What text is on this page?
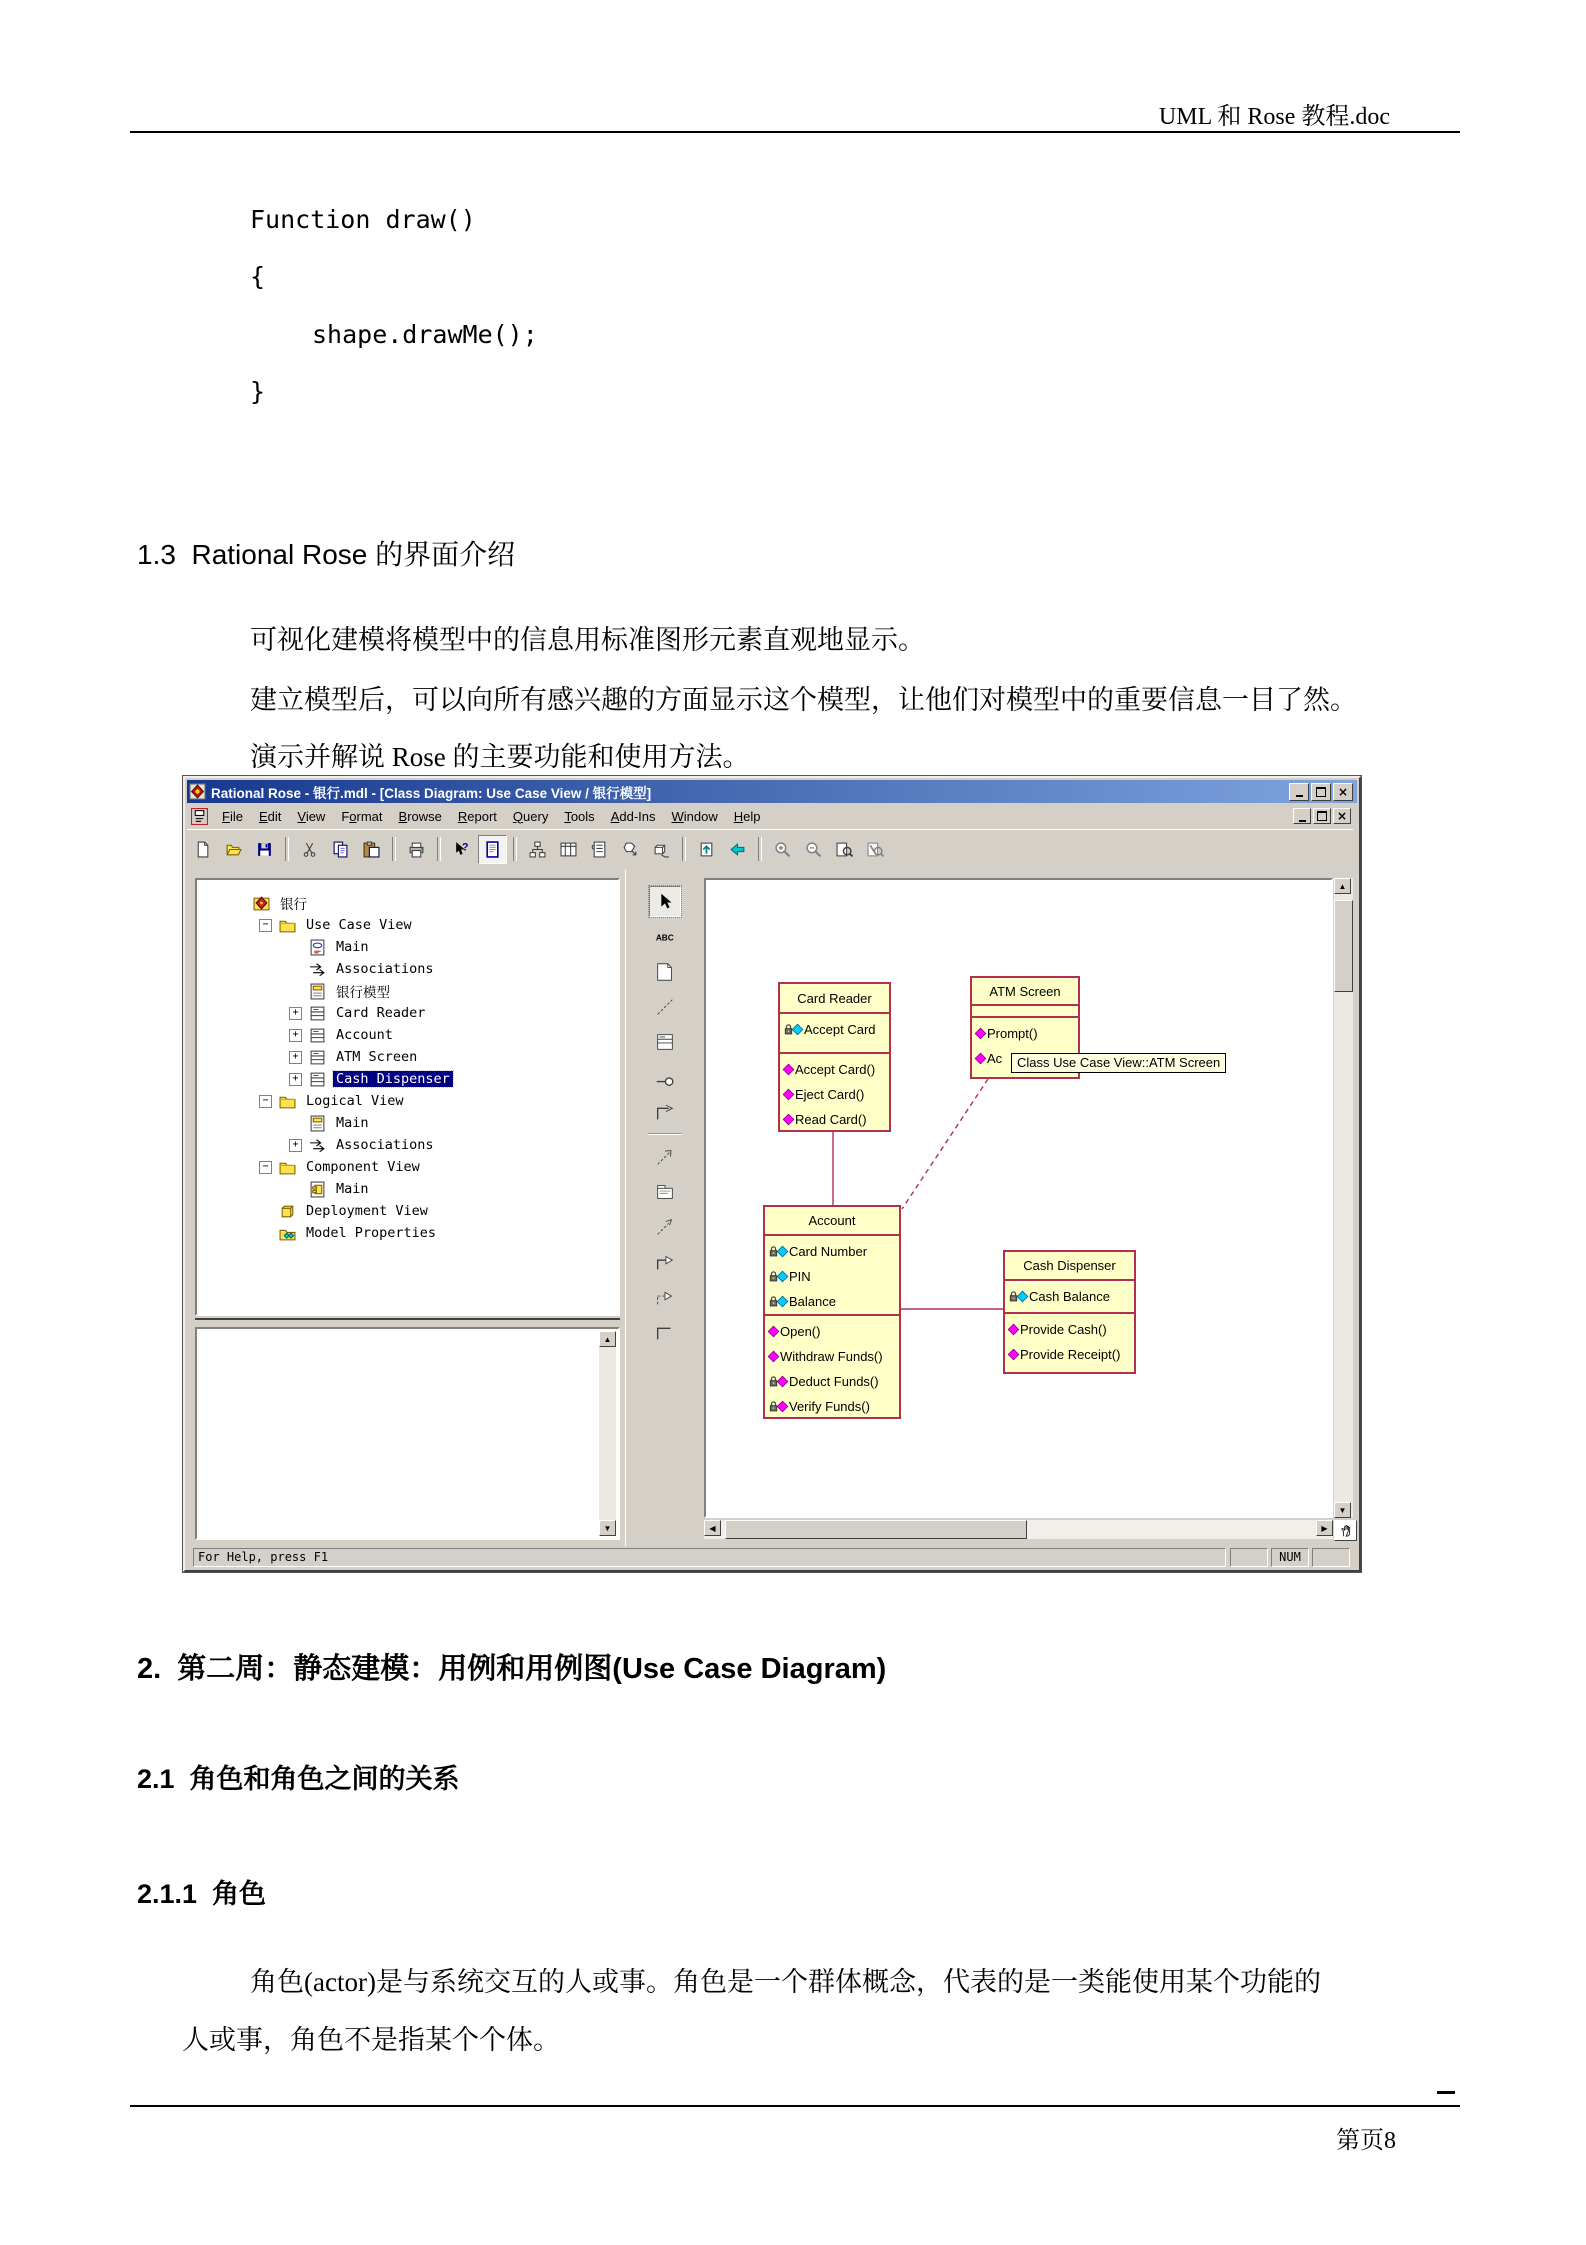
UML 和 Rose 教程.doc
Function draw()
{
shape.drawMe();
}
1.3  Rational Rose 的界面介绍
可视化建模将模型中的信息用标准图形元素直观地显示。
建立模型后，可以向所有感兴趣的方面显示这个模型，让他们对模型中的重要信息一目了然。
演示并解说 Rose 的主要功能和使用方法。
Rational Rose - 银行.mdl - [Class Diagram: Use Case View / 银行模型]	×
File Edit View Format Browse Report Query Tools Add-Ins Window Help	×
?
银行
−	Use Case View
Main
Associations
银行模型
+	Card Reader
+	Account
+	ATM Screen
+	Cash Dispenser
−	Logical View
Main
+	Associations
−	Component View
Main
Deployment View
Model Properties
▲
▼
ABC
Card Reader
Accept Card
Accept Card()
Eject Card()
Read Card()
ATM Screen
Prompt()
Ac
Account
Card Number
PIN
Balance
Open()
Withdraw Funds()
Deduct Funds()
Verify Funds()
Cash Dispenser
Cash Balance
Provide Cash()
Provide Receipt()
Class Use Case View::ATM Screen
▲
▼
◀	▶
For Help, press F1	NUM
2.  第二周：静态建模：用例和用例图(Use Case Diagram)
2.1  角色和角色之间的关系
2.1.1  角色
角色(actor)是与系统交互的人或事。角色是一个群体概念，代表的是一类能使用某个功能的
人或事，角色不是指某个个体。
第页8
